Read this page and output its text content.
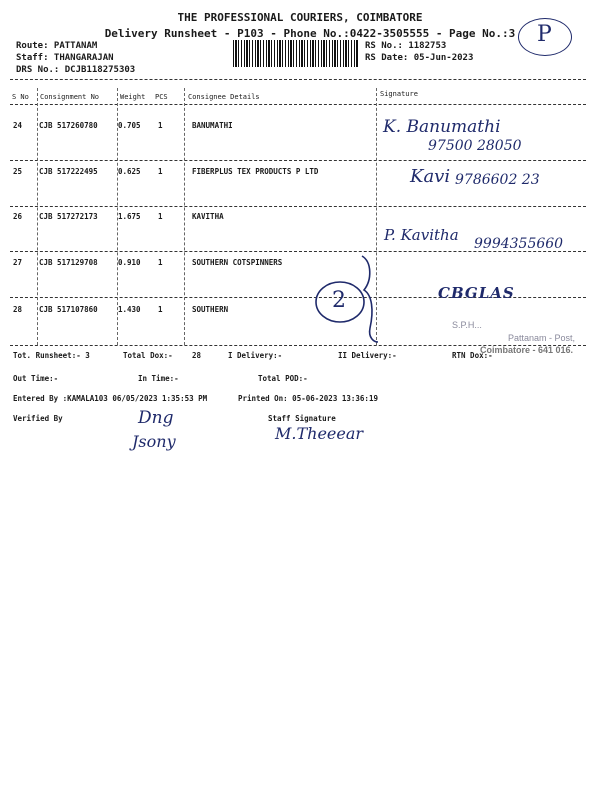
THE PROFESSIONAL COURIERS, COIMBATORE
Delivery Runsheet - P103 - Phone No.:0422-3505555 - Page No.:3 P
Route: PATTANAM
Staff: THANGARAJAN
DRS No.: DCJB118275303
RS No.: 1182753
RS Date: 05-Jun-2023
S No Consignment No	Weight PCS	Consignee Details	Signature
24 CJB 517260780	0.705 1	BANUMATHI	K. Banumathi
97500 28050
25 CJB 517222495	0.625 1	FIBERPLUS TEX PRODUCTS P LTD	Kavi 9786602 23
26 CJB 517272173	1.675 1	KAVITHA
P. Kavitha 9994355660
27 CJB 517129708	0.910 1	SOUTHERN COTSPINNERS
28 CJB 517107860	1.430 1	SOUTHERN
CBGLAS
2
S.P.H...
Pattanam - Post,
Coimbatore - 641 016.
Tot. Runsheet:- 3	Total Dox:-	28	I Delivery:-	II Delivery:-	RTN Dox:-
Out Time:-	In Time:-	Total POD:-
Entered By :KAMALA103 06/05/2023 1:35:53 PM	Printed On: 05-06-2023 13:36:19
Verified By	Staff Signature
Dng
Jsony	M.Theeear
